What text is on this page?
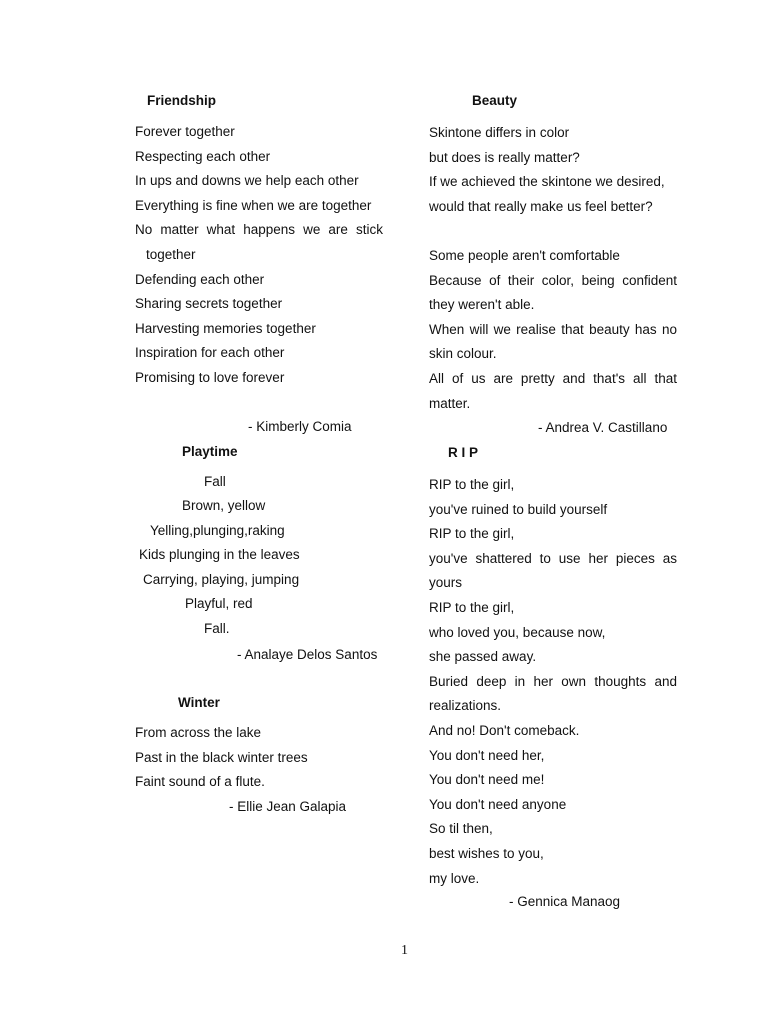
Friendship
Forever together
Respecting each other
In ups and downs we help each other
Everything is fine when we are together
No matter what happens we are stick
together
Defending each other
Sharing secrets together
Harvesting memories together
Inspiration for each other
Promising to love forever
- Kimberly Comia
Beauty
Skintone differs in color
but does is really matter?
If we achieved the skintone we desired,
would that really make us feel better?
Some people aren't comfortable
Because of their color, being confident
they weren't able.
When will we realise that beauty has no
skin colour.
All of us are pretty and that's all that
matter.
- Andrea V. Castillano
Playtime
Fall
Brown, yellow
Yelling,plunging,raking
Kids plunging in the leaves
Carrying, playing, jumping
Playful, red
Fall.
- Analaye Delos Santos
R I P
RIP to the girl,
you've ruined to build yourself
RIP to the girl,
you've shattered to use her pieces as
yours
RIP to the girl,
who loved you, because now,
she passed away.
Buried deep in her own thoughts and
realizations.
And no! Don't comeback.
You don't need her,
You don't need me!
You don't need anyone
So til then,
best wishes to you,
my love.
- Gennica Manaog
Winter
From across the lake
Past in the black winter trees
Faint sound of a flute.
- Ellie Jean Galapia
1
